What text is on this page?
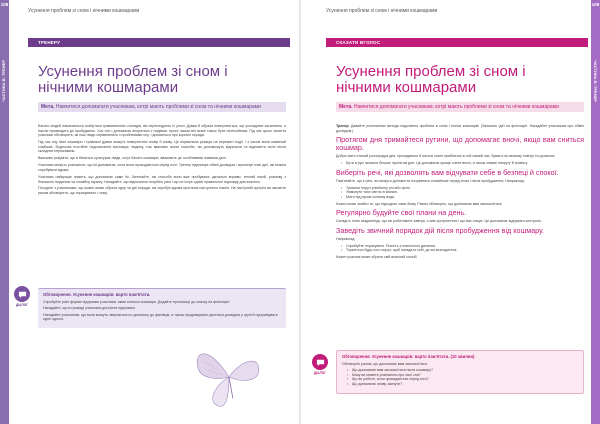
108
ЧАСТИНА B: ТРЕНЕР
Усунення проблем зі сном і нічними кошмарами
ТРЕНЕРУ
Усунення проблем зі сном і нічними кошмарами
Мета. Навчитися допомагати учасникам, котрі мають проблеми зі сном та нічними кошмарами

Багато людей намагаються позбутися травматичних спогадів, які переслідують їх уночі. Думки й образи повертаються, що ускладнює засинання, а інколи призводять до пробуджень. Хоч сон і допомагає впоратися з подіями, проте часом він може також бути неспокійним. Під час цього заняття учасники обговорять, як інші люди справлялися з проблемами сну, і дізнаються про корисні поради.

Під час сну нічні кошмари і тривожні думки можуть повертатися знову й знову. Це нормальна реакція на пережиті події, і з часом вона зазвичай слабшає. Водночас постійне недосипання виснажує людину, тож важливо знати способи, які допоможуть відпочити та відновити сили після складних переживань.

Важливо розуміти, що в багатьох культурах люди, котрі бачать кошмари, вважають це особливими знаками долі.

Учасники можуть розповісти, що їм допомагає, коли вони прокидаються серед ночі. Тренер підтримує обмін досвідом і пропонує нові ідеї, які можна спробувати вдома.

Учасники найкраще знають, що допомагає саме їм. Запитайте, які способи вони вже пробували: дихальні вправи, теплий напій, розмову з близькою людиною чи спокійну музику. Нагадайте, що відпочинок потрібен усім і що не існує однієї правильної відповіді для кожного.

Погодьте з учасниками, що кожен може обрати одну чи дві поради, які спробує вдома протягом наступного тижня. На наступній зустрічі ви зможете разом обговорити, що спрацювало і чому.

ДІАЛОГ
Обговорення. Усунення кошмарів: варто пам'ятати.

Спробуйте різні форми підтримки учасників, яким сняться кошмари. Додайте пропозиції до списку на фліпчарті.

Нагадайте, що в громаді учасників доступна підтримка.

Нагадайте учасникам, що вони можуть звертатися по допомогу до фахівців, а також продовжувати ділитися досвідом у групі й підтримувати одне одного.

Усунення проблем зі сном і нічними кошмарами
СКАЗАТИ ВГОЛОС
Усунення проблем зі сном і нічними кошмарами
Мета. Навчитися допомагати учасникам, котрі мають проблеми зі сном та нічними кошмарами

Тренер. Давайте розглянемо методи подолання проблем зі сном і нічних кошмарів. (Запишіть ідеї на фліпчарті. Нагадайте учасникам про обмін досвідом.)

Протягом дня тримайтеся рутини, що допомагає вночі, якщо вам сниться кошмар.

Добре мати сталий розпорядок дня: прокидатися й лягати спати приблизно в той самий час, бувати на свіжому повітрі та рухатися.

• Бути в русі якомога більше протягом дня. Це допомагає краще спати вночі, а також знімає напругу й тривогу.
Виберіть речі, які дозволять вам відчувати себе в безпеці й спокої.

Пам'ятайте, що є речі, які можуть допомогти почуватися спокійніше перед сном і після пробудження. Наприклад:

• Тримати поруч улюблену річ або фото.
• Увімкнути тихе світло в кімнаті.
• Мати під рукою склянку води.

Кожен може знайти те, що підходить саме йому. Разом обговоріть, що допомагає вам заспокоїтися.

Регулярно будуйте свої плани на день.

Складіть план заздалегідь: що ви робитимете завтра, з ким зустрінетеся і що вас очікує. Це допомагає відчувати контроль.

Заведіть звичний порядок дій після пробудження від кошмару.

Наприклад:

• Спробуйте порахувати. Почніть з повільного дихання.
• Торкніться будь-чого поруч, щоб нагадати собі, де ви знаходитеся.

Кожен учасник може обрати свій власний спосіб.

ДІАЛОГ
Обговорення. Усунення кошмарів: варто пам'ятати. (10 хвилин)

Обговоріть разом, що допомагає вам заспокоїтися:

• Що допомагає вам заспокоїтися після кошмару?
• Кому ви можете розповісти про свої сни?
• Що ви робите, коли прокидаєтеся серед ночі?
• Що допомагає знову заснути?
109
ЧАСТИНА B: ТРЕНЕР
